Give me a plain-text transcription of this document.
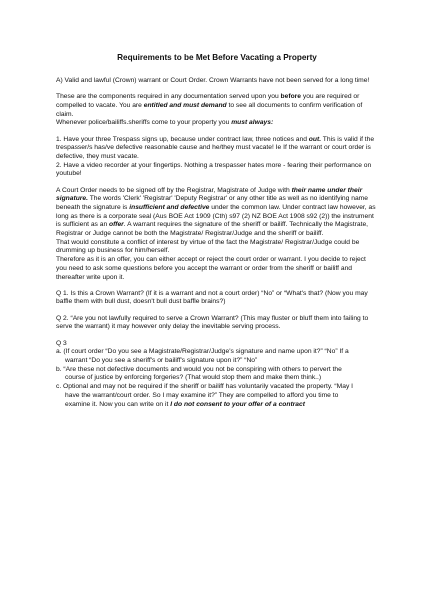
Requirements to be Met Before Vacating a Property

A) Valid and lawful (Crown) warrant or Court Order. Crown Warrants have not been served for a long time!

These are the components required in any documentation served upon you before you are required or compelled to vacate. You are entitled and must demand to see all documents to confirm verification of claim.
Whenever police/bailiffs.sheriffs come to your property you must always:

1. Have your three Trespass signs up, because under contract law, three notices and out. This is valid if the trespasser/s has/ve defective reasonable cause and he/they must vacate! Ie If the warrant or court order is defective, they must vacate.
2. Have a video recorder at your fingertips. Nothing a trespasser hates more - fearing their performance on youtube!

A Court Order needs to be signed off by the Registrar, Magistrate of Judge with their name under their signature. The words 'Clerk' 'Registrar' 'Deputy Registrar' or any other title as well as no identifying name beneath the signature is insufficient and defective under the common law. Under contract law however, as long as there is a corporate seal (Aus BOE Act 1909 (Cth) s97 (2) NZ BOE Act 1908 s92 (2)) the instrument is sufficient as an offer. A warrant requires the signature of the sheriff or bailiff. Technically the Magistrate, Registrar or Judge cannot be both the Magistrate/ Registrar/Judge and the sheriff or bailiff.
That would constitute a conflict of interest by virtue of the fact the Magistrate/ Registrar/Judge could be drumming up business for him/herself.
Therefore as it is an offer, you can either accept or reject the court order or warrant. I you decide to reject you need to ask some questions before you accept the warrant or order from the sheriff or bailiff and thereafter write upon it.

Q 1. Is this a Crown Warrant? (If it is a warrant and not a court order) “No” or “What's that? (Now you may baffle them with bull dust, doesn't bull dust baffle brains?)

Q 2. “Are you not lawfully required to serve a Crown Warrant? (This may fluster or bluff them into failing to serve the warrant) it may however only delay the inevitable serving process.

Q 3

a. (If court order “Do you see a Magistrate/Registrar/Judge's signature and name upon it?” “No” If a

warrant “Do you see a sheriff's or bailiff's signature upon it?” “No”

b. “Are these not defective documents and would you not be conspiring with others to pervert the

course of justice by enforcing forgeries? (That would stop them and make them think..)

c. Optional and may not be required if the sheriff or bailiff has voluntarily vacated the property. “May I

have the warrant/court order. So I may examine it?” They are compelled to afford you time to

examine it. Now you can write on it I do not consent to your offer of a contract
